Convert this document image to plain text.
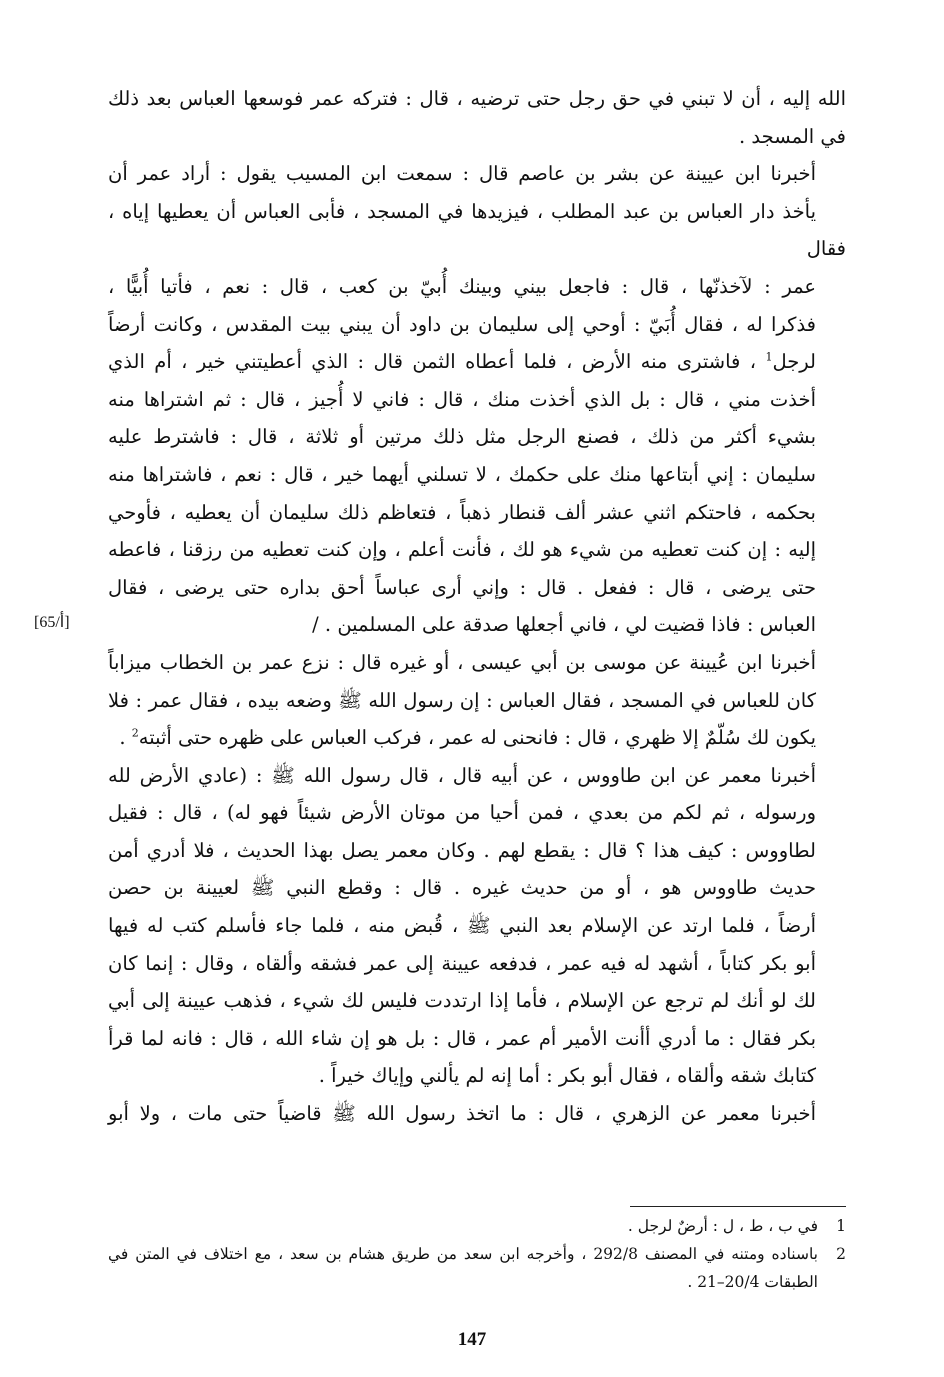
الله إليه ، أن لا تبني في حق رجل حتى ترضيه ، قال : فتركه عمر فوسعها العباس بعد ذلك
في المسجد .

أخبرنا ابن عيينة عن بشر بن عاصم قال : سمعت ابن المسيب يقول : أراد عمر أن
يأخذ دار العباس بن عبد المطلب ، فيزيدها في المسجد ، فأبى العباس أن يعطيها إياه ، فقال
عمر : لآخذنّها ، قال : فاجعل بيني وبينك أُبيّ بن كعب ، قال : نعم ، فأتيا أُبيًّا ،
فذكرا له ، فقال أُبَيّ : أوحي إلى سليمان بن داود أن يبني بيت المقدس ، وكانت أرضاً
لرجل$^1$ ، فاشترى منه الأرض ، فلما أعطاه الثمن قال : الذي أعطيتني خير ، أم الذي
أخذت مني ، قال : بل الذي أخذت منك ، قال : فاني لا أُجيز ، قال : ثم اشتراها منه
بشيء أكثر من ذلك ، فصنع الرجل مثل ذلك مرتين أو ثلاثة ، قال : فاشترط عليه
سليمان : إني أبتاعها منك على حكمك ، لا تسلني أيهما خير ، قال : نعم ، فاشتراها منه
بحكمه ، فاحتكم اثني عشر ألف قنطار ذهباً ، فتعاظم ذلك سليمان أن يعطيه ، فأوحي
إليه : إن كنت تعطيه من شيء هو لك ، فأنت أعلم ، وإن كنت تعطيه من رزقنا ، فاعطه
حتى يرضى ، قال : ففعل . قال : وإني أرى عباساً أحق بداره حتى يرضى ، فقال
العباس : فاذا قضيت لي ، فاني أجعلها صدقة على المسلمين . /

أخبرنا ابن عُيينة عن موسى بن أبي عيسى ، أو غيره قال : نزع عمر بن الخطاب ميزاباً
كان للعباس في المسجد ، فقال العباس : إن رسول الله ﷺ وضعه بيده ، فقال عمر : فلا
يكون لك سُلّمٌ إلا ظهري ، قال : فانحنى له عمر ، فركب العباس على ظهره حتى أثبته$^2$ .

أخبرنا معمر عن ابن طاووس ، عن أبيه قال ، قال رسول الله ﷺ : (عادي الأرض لله
ورسوله ، ثم لكم من بعدي ، فمن أحيا من موتان الأرض شيئاً فهو له) ، قال : فقيل
لطاووس : كيف هذا ؟ قال : يقطع لهم . وكان معمر يصل بهذا الحديث ، فلا أدري أمن
حديث طاووس هو ، أو من حديث غيره . قال : وقطع النبي ﷺ لعيينة بن حصن
أرضاً ، فلما ارتد عن الإسلام بعد النبي ﷺ ، قُبض منه ، فلما جاء فأسلم كتب له فيها
أبو بكر كتاباً ، أشهد له فيه عمر ، فدفعه عيينة إلى عمر فشقه وألقاه ، وقال : إنما كان
لك لو أنك لم ترجع عن الإسلام ، فأما إذا ارتددت فليس لك شيء ، فذهب عيينة إلى أبي
بكر فقال : ما أدري أأنت الأمير أم عمر ، قال : بل هو إن شاء الله ، قال : فانه لما قرأ
كتابك شقه وألقاه ، فقال أبو بكر : أما إنه لم يألني وإياك خيراً .

أخبرنا معمر عن الزهري ، قال : ما اتخذ رسول الله ﷺ قاضياً حتى مات ، ولا أبو

[أ/65]
1
في ب ، ط ، ل : أرضٌ لرجل .
2
باسناده ومتنه في المصنف 292/8 ، وأخرجه ابن سعد من طريق هشام بن سعد ، مع اختلاف في المتن في الطبقات 20/4–21 .
147
